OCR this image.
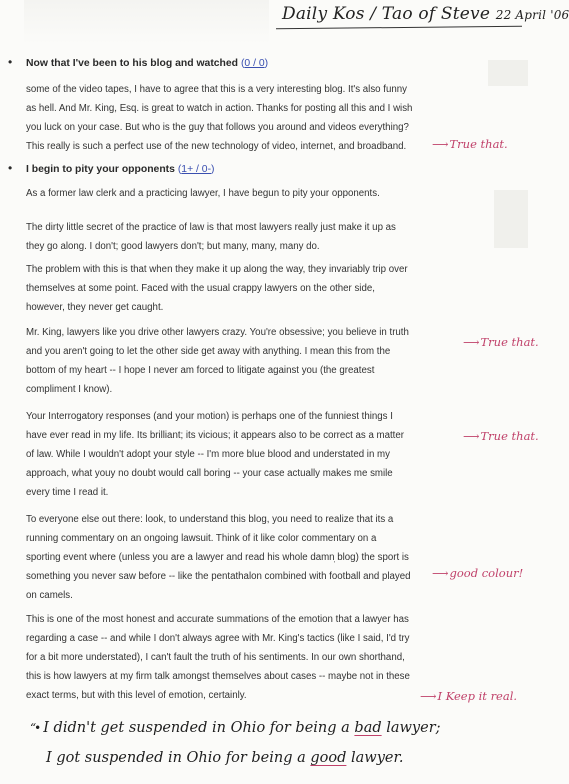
Daily Kos / Tao of Steve 22 April '06
• Now that I've been to his blog and watched (0 / 0)
some of the video tapes, I have to agree that this is a very interesting blog. It's also funny
as hell. And Mr. King, Esq. is great to watch in action. Thanks for posting all this and I wish
you luck on your case. But who is the guy that follows you around and videos everything?
This really is such a perfect use of the new technology of video, internet, and broadband.
• I begin to pity your opponents (1+ / 0-)
As a former law clerk and a practicing lawyer, I have begun to pity your opponents.
The dirty little secret of the practice of law is that most lawyers really just make it up as
they go along. I don't; good lawyers don't; but many, many, many do.
The problem with this is that when they make it up along the way, they invariably trip over
themselves at some point. Faced with the usual crappy lawyers on the other side,
however, they never get caught.
Mr. King, lawyers like you drive other lawyers crazy. You're obsessive; you believe in truth
and you aren't going to let the other side get away with anything. I mean this from the
bottom of my heart -- I hope I never am forced to litigate against you (the greatest
compliment I know).
Your Interrogatory responses (and your motion) is perhaps one of the funniest things I
have ever read in my life. Its brilliant; its vicious; it appears also to be correct as a matter
of law. While I wouldn't adopt your style -- I'm more blue blood and understated in my
approach, what youy no doubt would call boring -- your case actually makes me smile
every time I read it.
To everyone else out there: look, to understand this blog, you need to realize that its a
running commentary on an ongoing lawsuit. Think of it like color commentary on a
sporting event where (unless you are a lawyer and read his whole damn blog) the sport is
something you never saw before -- like the pentathalon combined with football and played
on camels.
This is one of the most honest and accurate summations of the emotion that a lawyer has
regarding a case -- and while I don't always agree with Mr. King's tactics (like I said, I'd try
for a bit more understated), I can't fault the truth of his sentiments. In our own shorthand,
this is how lawyers at my firm talk amongst themselves about cases -- maybe not in these
exact terms, but with this level of emotion, certainly.
'
⟶ True that.
⟶ True that.
⟶ True that.
⟶ good colour!
⟶ I Keep it real.
“• I didn't get suspended in Ohio for being a bad lawyer;
I got suspended in Ohio for being a good lawyer.
